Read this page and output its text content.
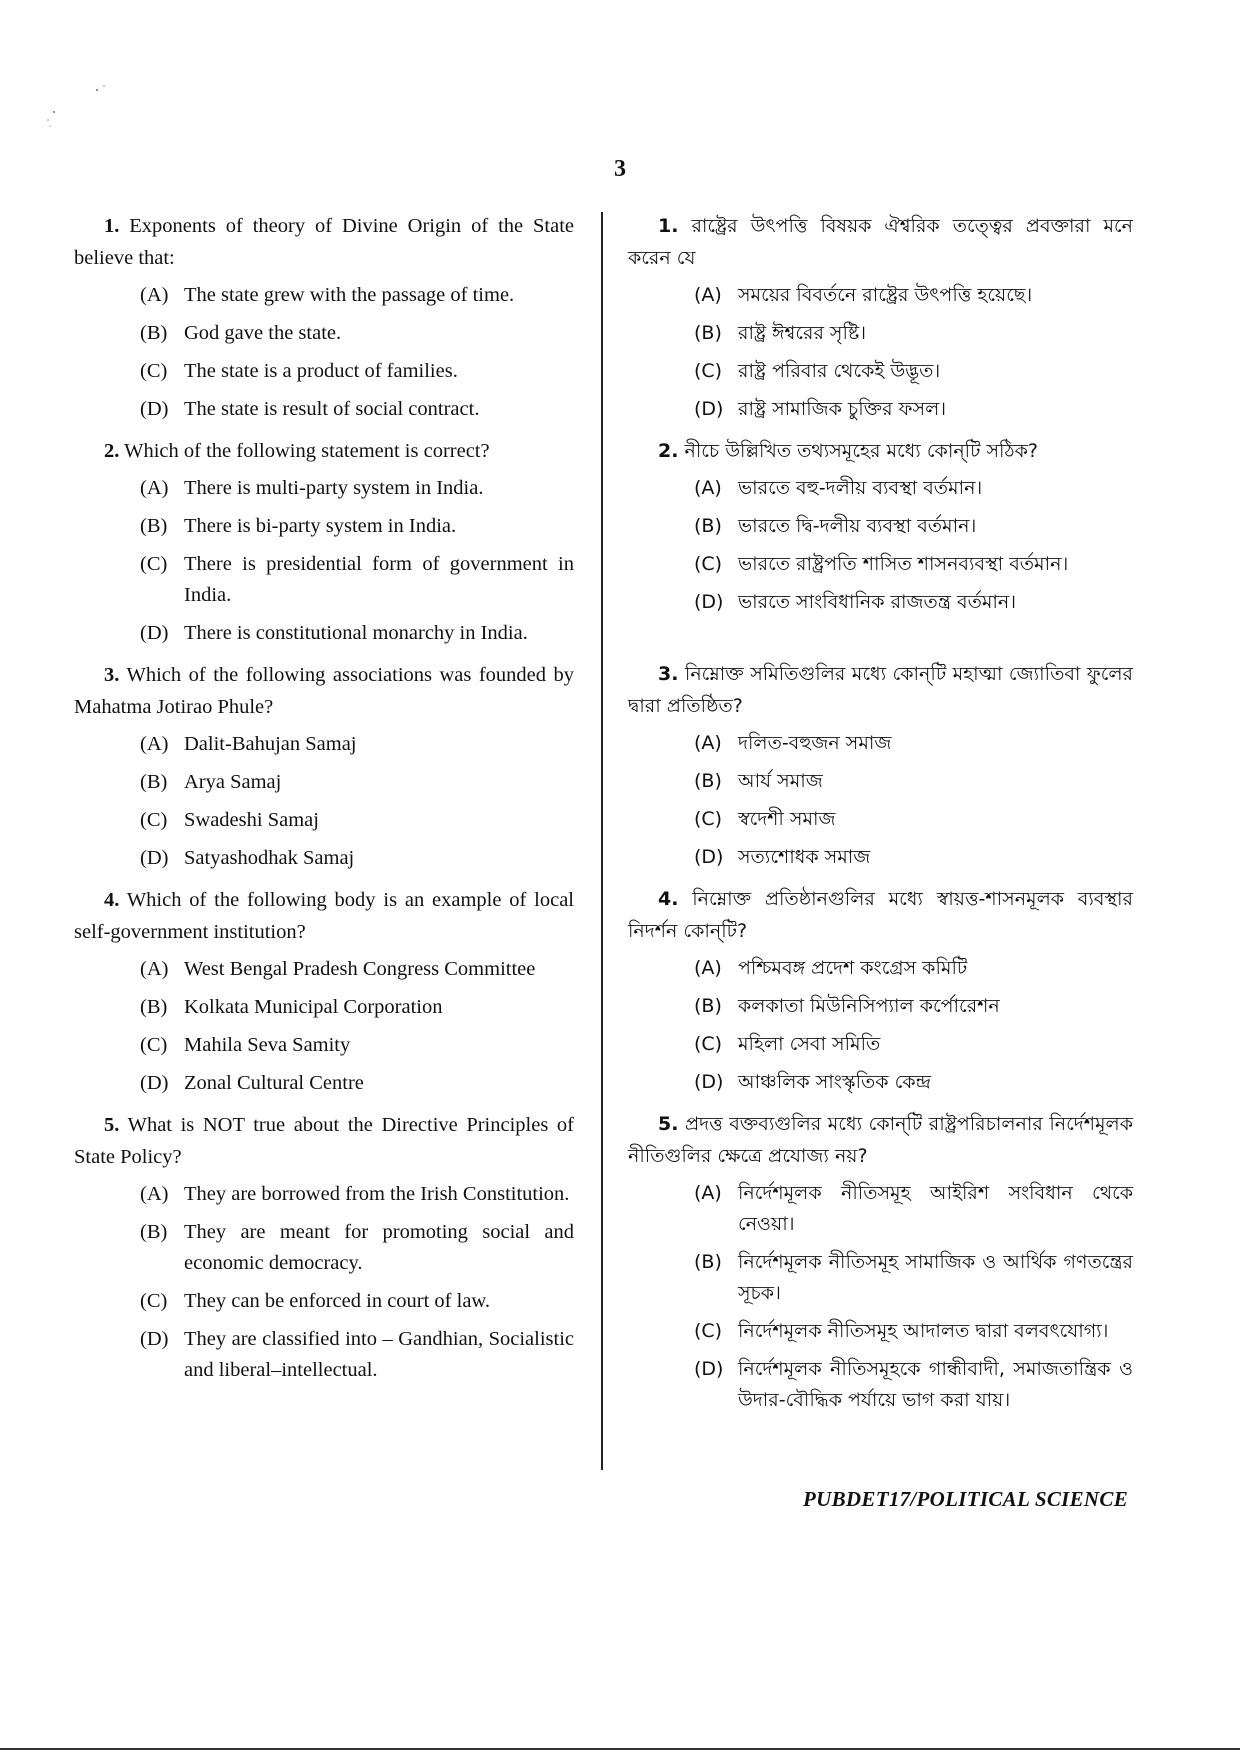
3

1. Exponents of theory of Divine Origin of the State believe that:

(A) The state grew with the passage of time.
(B) God gave the state.
(C) The state is a product of families.
(D) The state is result of social contract.

2. Which of the following statement is correct?

(A) There is multi-party system in India.
(B) There is bi-party system in India.
(C) There is presidential form of government in India.
(D) There is constitutional monarchy in India.

3. Which of the following associations was founded by Mahatma Jotirao Phule?

(A) Dalit-Bahujan Samaj
(B) Arya Samaj
(C) Swadeshi Samaj
(D) Satyashodhak Samaj

4. Which of the following body is an example of local self-government institution?

(A) West Bengal Pradesh Congress Committee
(B) Kolkata Municipal Corporation
(C) Mahila Seva Samity
(D) Zonal Cultural Centre

5. What is NOT true about the Directive Principles of State Policy?

(A) They are borrowed from the Irish Constitution.
(B) They are meant for promoting social and economic democracy.
(C) They can be enforced in court of law.
(D) They are classified into – Gandhian, Socialistic and liberal–intellectual.

1. রাষ্ট্রের উৎপত্তি বিষয়ক ঐশ্বরিক তত্ত্বের প্রবক্তারা মনে করেন যে

(A) সময়ের বিবর্তনে রাষ্ট্রের উৎপত্তি হয়েছে।
(B) রাষ্ট্র ঈশ্বরের সৃষ্টি।
(C) রাষ্ট্র পরিবার থেকেই উদ্ভূত।
(D) রাষ্ট্র সামাজিক চুক্তির ফসল।

2. নীচে উল্লিখিত তথ্যসমূহের মধ্যে কোন্‌টি সঠিক?

(A) ভারতে বহু-দলীয় ব্যবস্থা বর্তমান।
(B) ভারতে দ্বি-দলীয় ব্যবস্থা বর্তমান।
(C) ভারতে রাষ্ট্রপতি শাসিত শাসনব্যবস্থা বর্তমান।
(D) ভারতে সাংবিধানিক রাজতন্ত্র বর্তমান।

3. নিম্নোক্ত সমিতিগুলির মধ্যে কোন্‌টি মহাত্মা জ্যোতিবা ফুলের দ্বারা প্রতিষ্ঠিত?

(A) দলিত-বহুজন সমাজ
(B) আর্য সমাজ
(C) স্বদেশী সমাজ
(D) সত্যশোধক সমাজ

4. নিম্নোক্ত প্রতিষ্ঠানগুলির মধ্যে স্বায়ত্ত-শাসনমূলক ব্যবস্থার নিদর্শন কোন্‌টি?

(A) পশ্চিমবঙ্গ প্রদেশ কংগ্রেস কমিটি
(B) কলকাতা মিউনিসিপ্যাল কর্পোরেশন
(C) মহিলা সেবা সমিতি
(D) আঞ্চলিক সাংস্কৃতিক কেন্দ্র

5. প্রদত্ত বক্তব্যগুলির মধ্যে কোন্‌টি রাষ্ট্রপরিচালনার নির্দেশমূলক নীতিগুলির ক্ষেত্রে প্রযোজ্য নয়?

(A) নির্দেশমূলক নীতিসমূহ আইরিশ সংবিধান থেকে নেওয়া।
(B) নির্দেশমূলক নীতিসমূহ সামাজিক ও আর্থিক গণতন্ত্রের সূচক।
(C) নির্দেশমূলক নীতিসমূহ আদালত দ্বারা বলবৎযোগ্য।
(D) নির্দেশমূলক নীতিসমূহকে গান্ধীবাদী, সমাজতান্ত্রিক ও উদার-বৌদ্ধিক পর্যায়ে ভাগ করা যায়।
PUBDET17/POLITICAL SCIENCE
